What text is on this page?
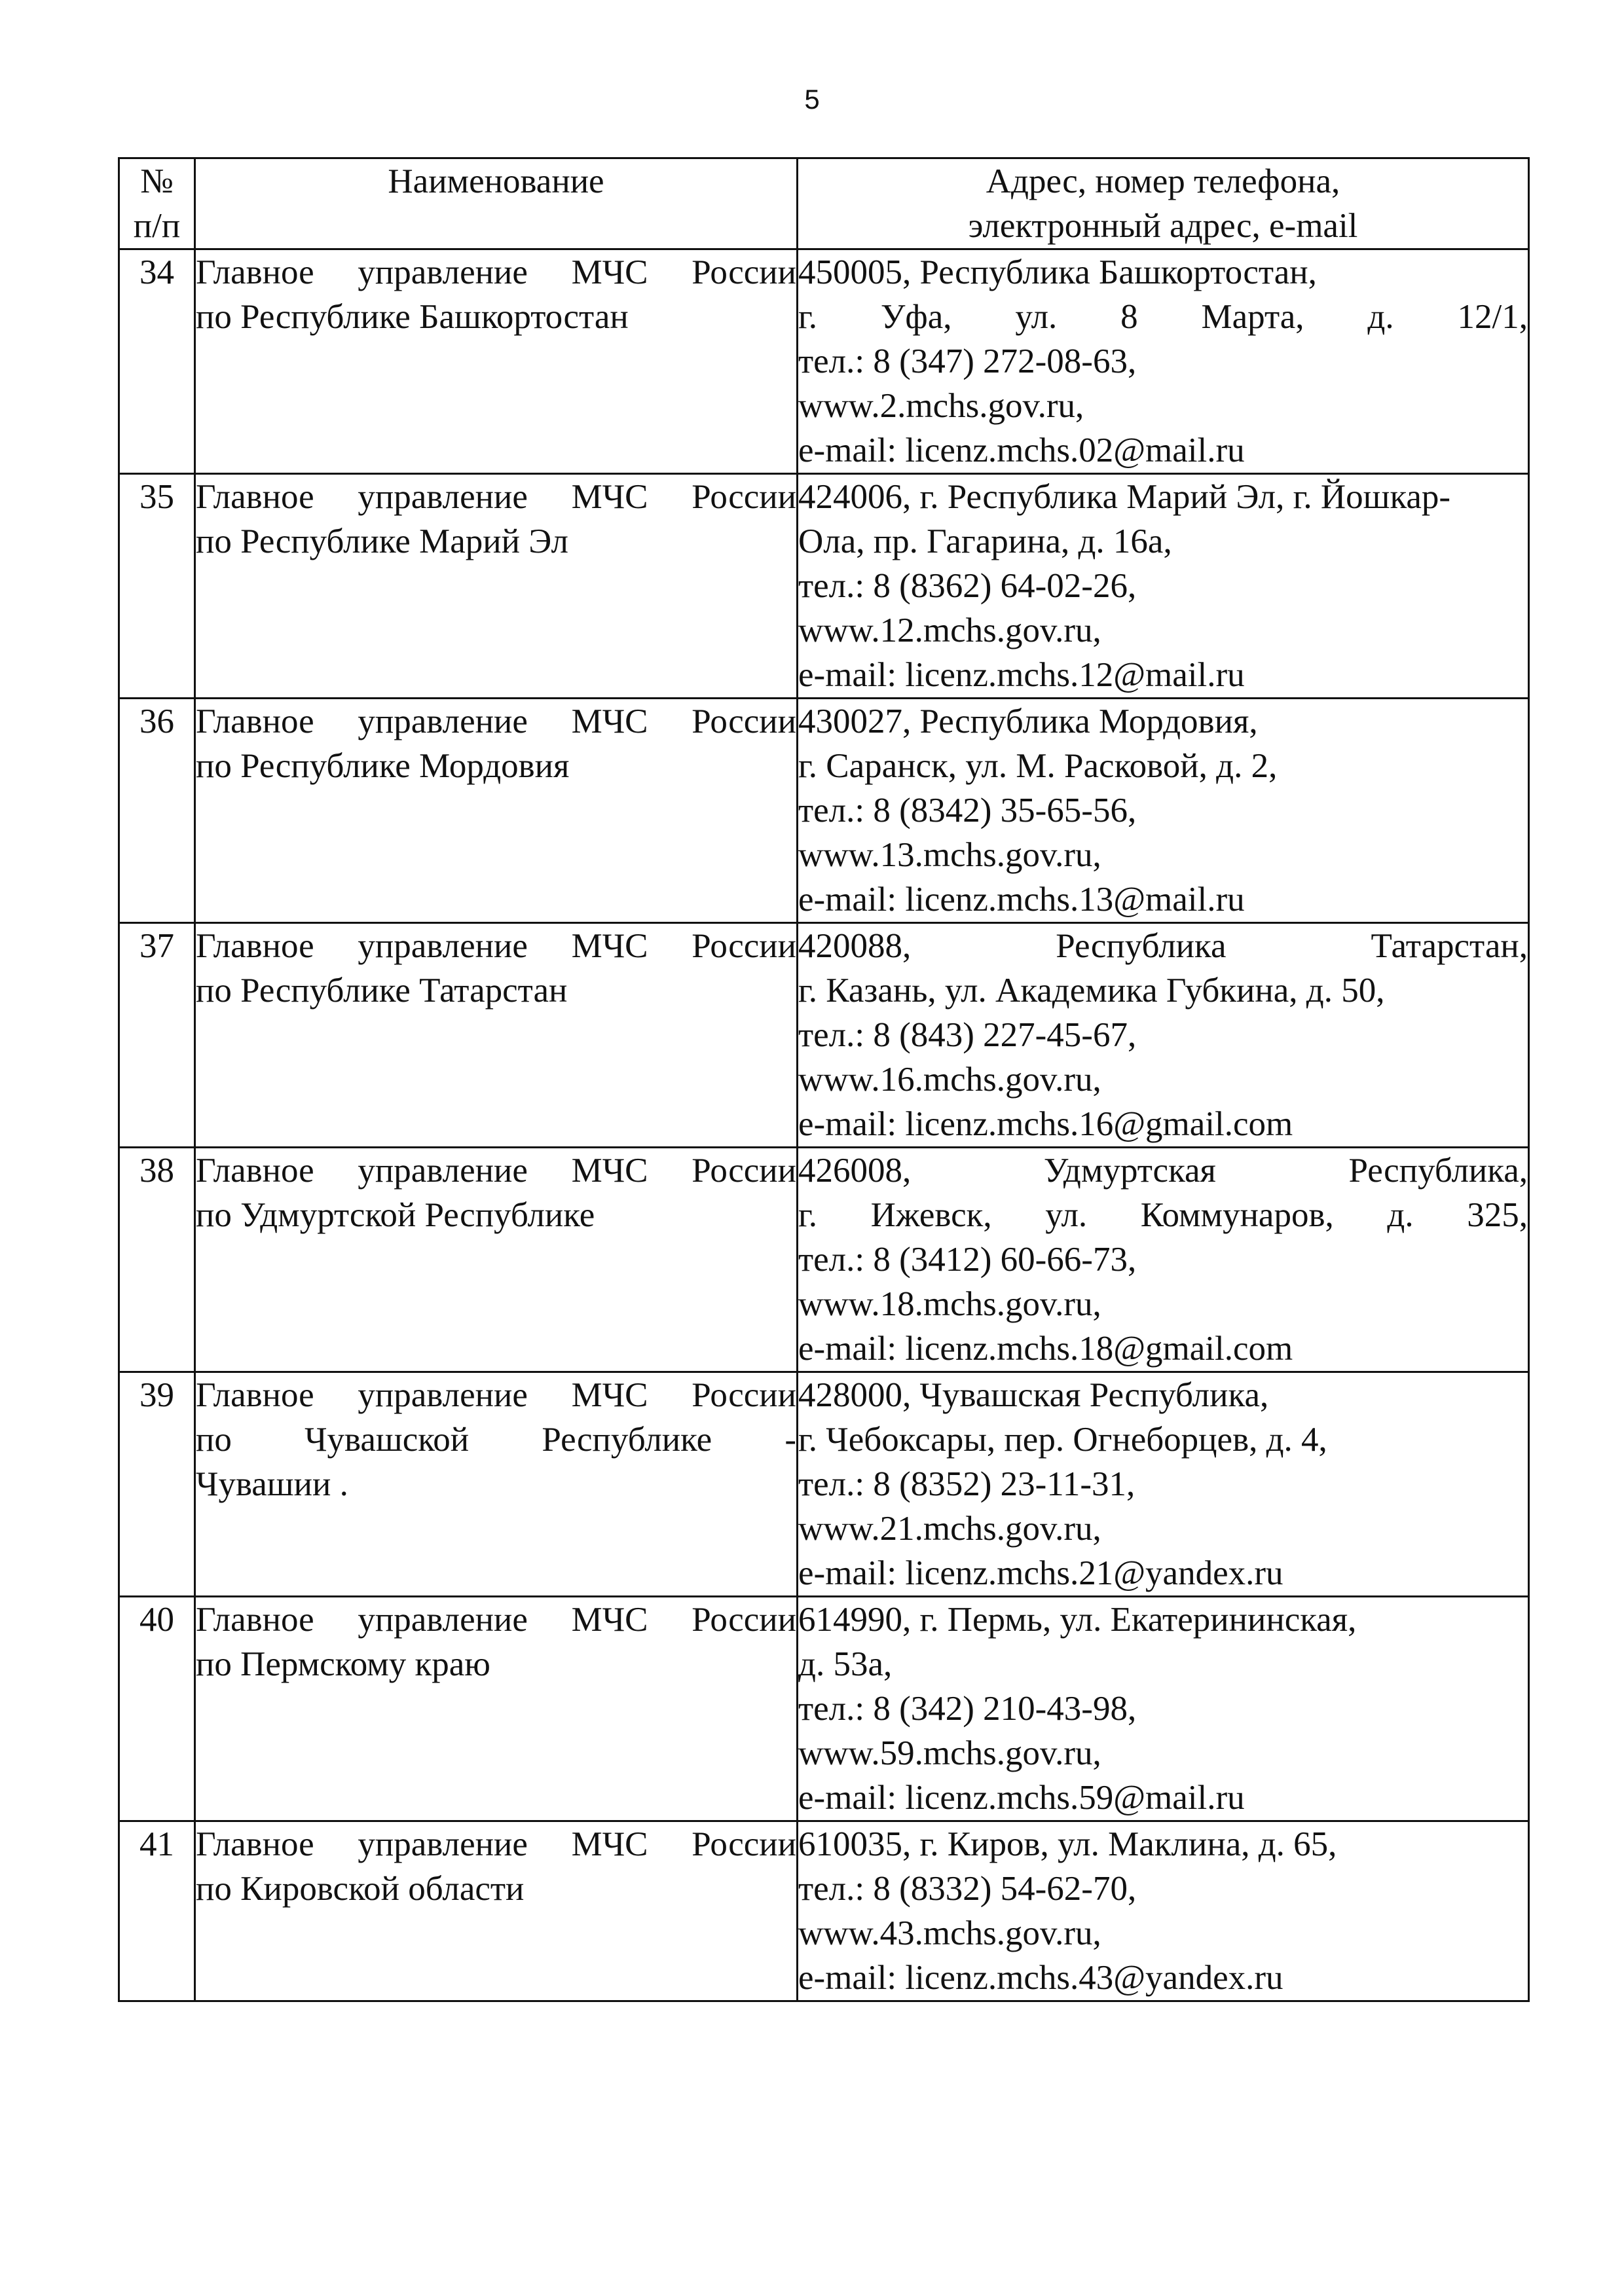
5
№
п/п	Наименование	Адрес, номер телефона,
электронный адрес, e-mail

34	Главное управление МЧС России
по Республике Башкортостан	450005, Республика Башкортостан,
г. Уфа, ул. 8 Марта, д. 12/1,
тел.: 8 (347) 272-08-63,
www.2.mchs.gov.ru,
e-mail: licenz.mchs.02@mail.ru

35	Главное управление МЧС России
по Республике Марий Эл	424006, г. Республика Марий Эл, г. Йошкар-
Ола, пр. Гагарина, д. 16а,
тел.: 8 (8362) 64-02-26,
www.12.mchs.gov.ru,
e-mail: licenz.mchs.12@mail.ru

36	Главное управление МЧС России
по Республике Мордовия	430027, Республика Мордовия,
г. Саранск, ул. М. Расковой, д. 2,
тел.: 8 (8342) 35-65-56,
www.13.mchs.gov.ru,
e-mail: licenz.mchs.13@mail.ru

37	Главное управление МЧС России
по Республике Татарстан	420088, Республика Татарстан,
г. Казань, ул. Академика Губкина, д. 50,
тел.: 8 (843) 227-45-67,
www.16.mchs.gov.ru,
e-mail: licenz.mchs.16@gmail.com

38	Главное управление МЧС России
по Удмуртской Республике	426008, Удмуртская Республика,
г. Ижевск, ул. Коммунаров, д. 325,
тел.: 8 (3412) 60-66-73,
www.18.mchs.gov.ru,
e-mail: licenz.mchs.18@gmail.com

39	Главное управление МЧС России
по Чувашской Республике -
Чувашии .	428000, Чувашская Республика,
г. Чебоксары, пер. Огнеборцев, д. 4,
тел.: 8 (8352) 23-11-31,
www.21.mchs.gov.ru,
e-mail: licenz.mchs.21@yandex.ru

40	Главное управление МЧС России
по Пермскому краю	614990, г. Пермь, ул. Екатерининская,
д. 53а,
тел.: 8 (342) 210-43-98,
www.59.mchs.gov.ru,
e-mail: licenz.mchs.59@mail.ru

41	Главное управление МЧС России
по Кировской области	610035, г. Киров, ул. Маклина, д. 65,
тел.: 8 (8332) 54-62-70,
www.43.mchs.gov.ru,
e-mail: licenz.mchs.43@yandex.ru
